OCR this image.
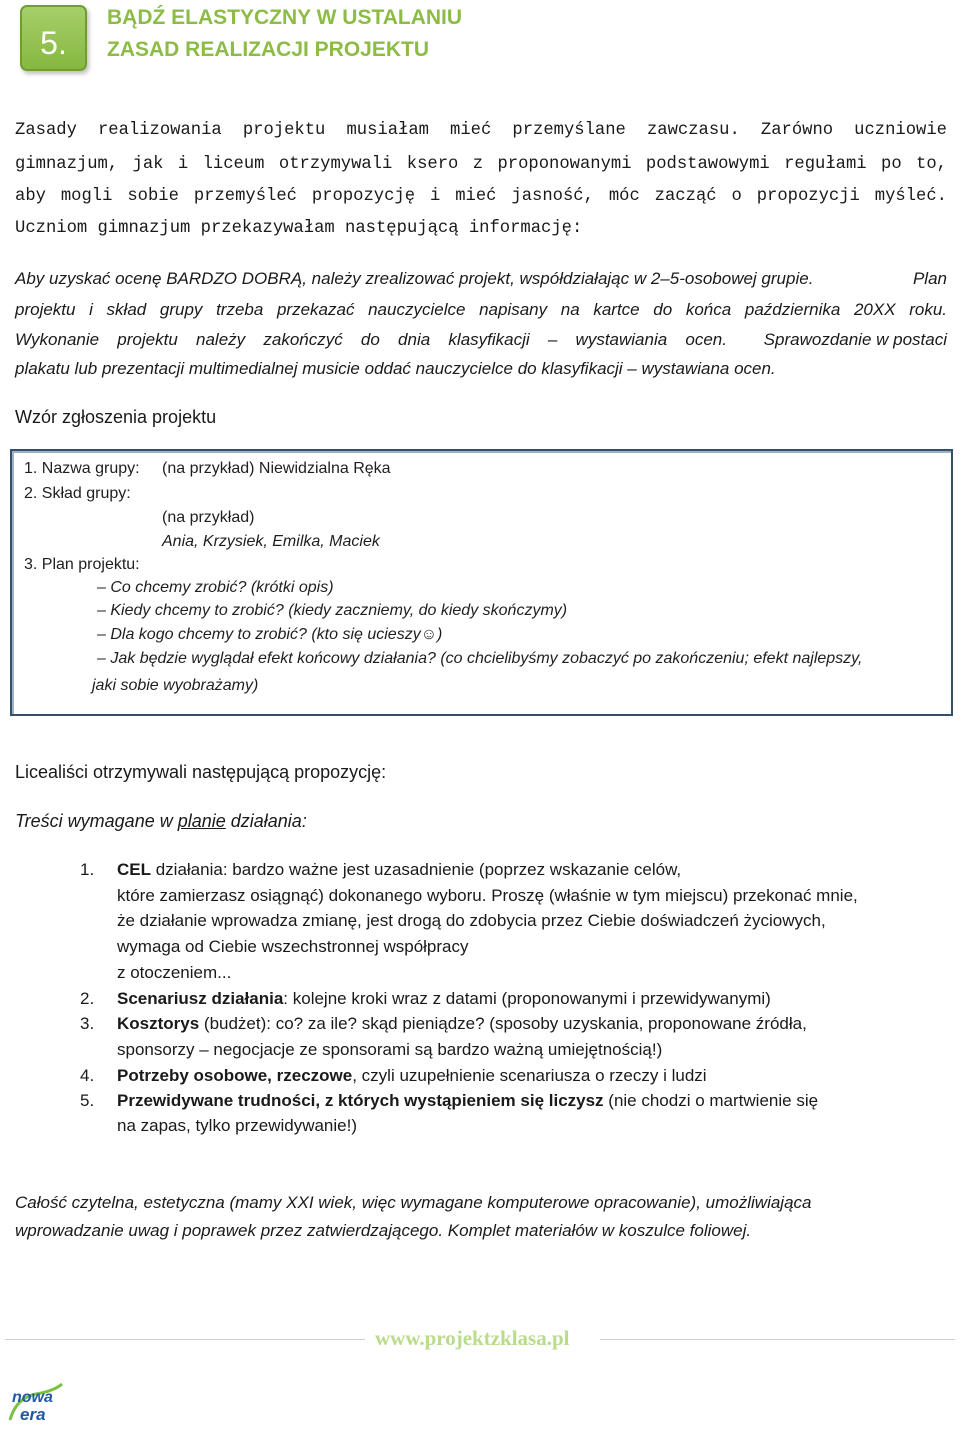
5.
BĄDŹ ELASTYCZNY W USTALANIU
ZASAD REALIZACJI PROJEKTU
Zasady realizowania projektu musiałam mieć przemyślane zawczasu. Zarówno uczniowie
gimnazjum, jak i liceum otrzymywali ksero z proponowanymi podstawowymi regułami po to,
aby mogli sobie przemyśleć propozycję i mieć jasność, móc zacząć o propozycji myśleć.
Uczniom gimnazjum przekazywałam następującą informację:
Aby uzyskać ocenę BARDZO DOBRĄ, należy zrealizować projekt, współdziałając w 2–5-osobowej grupie.	Plan
projektu i skład grupy trzeba przekazać nauczycielce napisany na kartce do końca października 20XX roku.
Wykonanie projektu należy zakończyć do dnia klasyfikacji – wystawiania ocen. Sprawozdanie w postaci
plakatu lub prezentacji multimedialnej musicie oddać nauczycielce do klasyfikacji – wystawiana ocen.
Wzór zgłoszenia projektu
1. Nazwa grupy: (na przykład) Niewidzialna Ręka
2. Skład grupy:
(na przykład)
Ania, Krzysiek, Emilka, Maciek
3. Plan projektu:
– Co chcemy zrobić? (krótki opis)
– Kiedy chcemy to zrobić? (kiedy zaczniemy, do kiedy skończymy)
– Dla kogo chcemy to zrobić? (kto się ucieszy☺)
– Jak będzie wyglądał efekt końcowy działania? (co chcielibyśmy zobaczyć po zakończeniu; efekt najlepszy,
jaki sobie wyobrażamy)
Licealiści otrzymywali następującą propozycję:
Treści wymagane w planie działania:
1. CEL działania: bardzo ważne jest uzasadnienie (poprzez wskazanie celów,
które zamierzasz osiągnąć) dokonanego wyboru. Proszę (właśnie w tym miejscu) przekonać mnie,
że działanie wprowadza zmianę, jest drogą do zdobycia przez Ciebie doświadczeń życiowych,
wymaga od Ciebie wszechstronnej współpracy
z otoczeniem...
2. Scenariusz działania: kolejne kroki wraz z datami (proponowanymi i przewidywanymi)
3. Kosztorys (budżet): co? za ile? skąd pieniądze? (sposoby uzyskania, proponowane źródła,
sponsorzy – negocjacje ze sponsorami są bardzo ważną umiejętnością!)
4. Potrzeby osobowe, rzeczowe, czyli uzupełnienie scenariusza o rzeczy i ludzi
5. Przewidywane trudności, z których wystąpieniem się liczysz (nie chodzi o martwienie się
na zapas, tylko przewidywanie!)
Całość czytelna, estetyczna (mamy XXI wiek, więc wymagane komputerowe opracowanie), umożliwiająca
wprowadzanie uwag i poprawek przez zatwierdzającego. Komplet materiałów w koszulce foliowej.
www.projektzklasa.pl
nowa
era
